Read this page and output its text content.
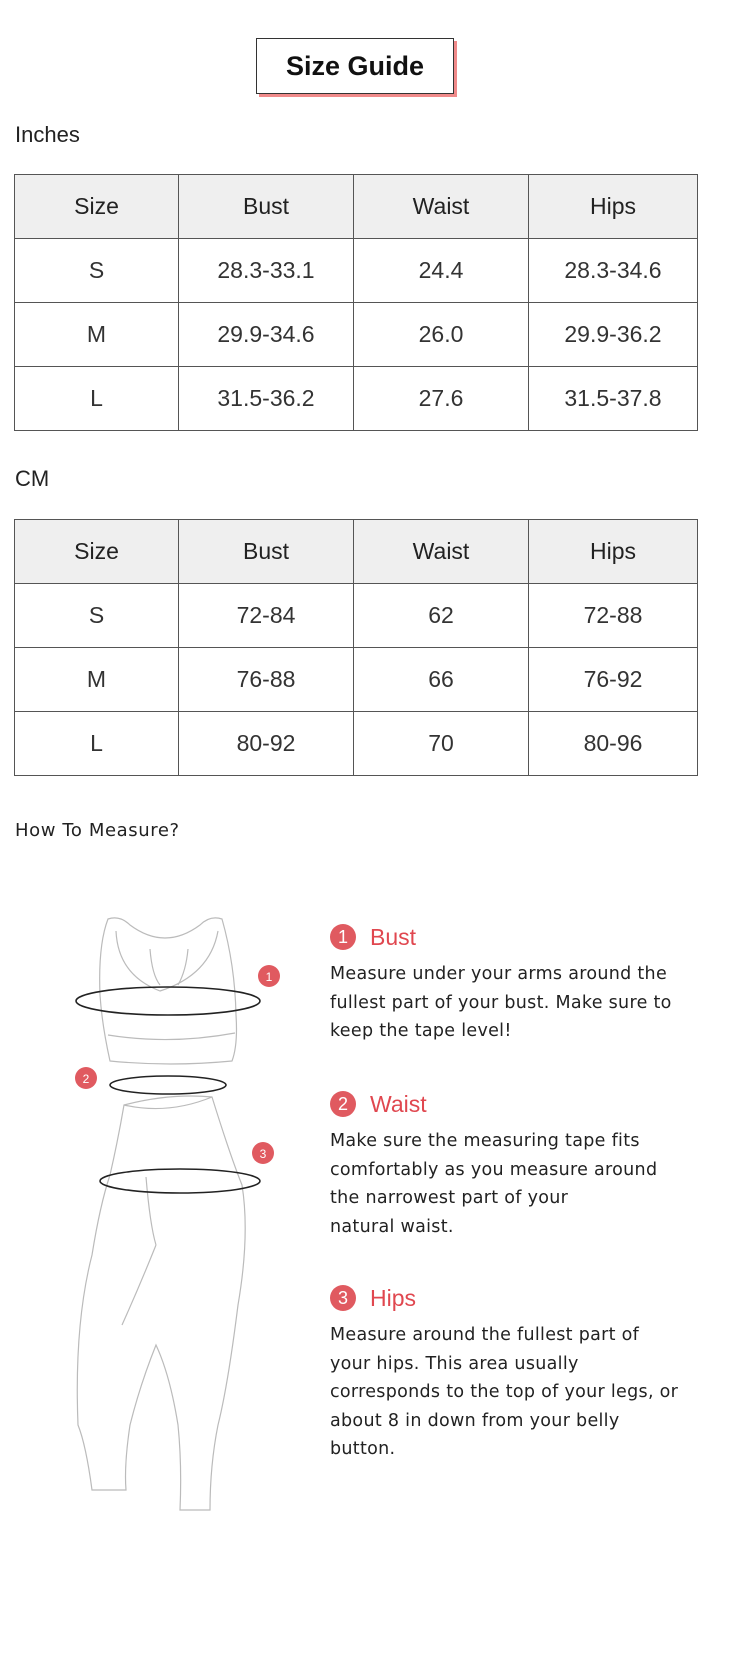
Size Guide
Inches
Size	Bust	Waist	Hips
S	28.3-33.1	24.4	28.3-34.6
M	29.9-34.6	26.0	29.9-36.2
L	31.5-36.2	27.6	31.5-37.8
CM
Size	Bust	Waist	Hips
S	72-84	62	72-88
M	76-88	66	76-92
L	80-92	70	80-96
How To Measure?
1
2
3
1 Bust
Measure under your arms around the
fullest part of your bust. Make sure to
keep the tape level!
2 Waist
Make sure the measuring tape fits
comfortably as you measure around
the narrowest part of your
natural waist.
3 Hips
Measure around the fullest part of
your hips. This area usually
corresponds to the top of your legs, or
about 8 in down from your belly
button.
